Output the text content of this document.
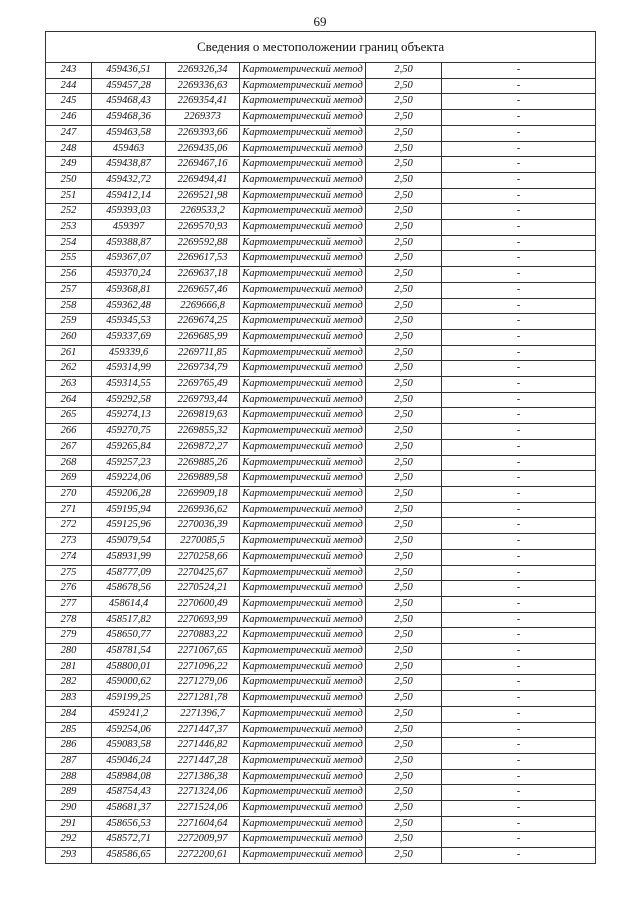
69
Сведения о местоположении границ объекта					
243	459436,51	2269326,34	Картометрический метод	2,50	-
244	459457,28	2269336,63	Картометрический метод	2,50	-
245	459468,43	2269354,41	Картометрический метод	2,50	-
246	459468,36	2269373	Картометрический метод	2,50	-
247	459463,58	2269393,66	Картометрический метод	2,50	-
248	459463	2269435,06	Картометрический метод	2,50	-
249	459438,87	2269467,16	Картометрический метод	2,50	-
250	459432,72	2269494,41	Картометрический метод	2,50	-
251	459412,14	2269521,98	Картометрический метод	2,50	-
252	459393,03	2269533,2	Картометрический метод	2,50	-
253	459397	2269570,93	Картометрический метод	2,50	-
254	459388,87	2269592,88	Картометрический метод	2,50	-
255	459367,07	2269617,53	Картометрический метод	2,50	-
256	459370,24	2269637,18	Картометрический метод	2,50	-
257	459368,81	2269657,46	Картометрический метод	2,50	-
258	459362,48	2269666,8	Картометрический метод	2,50	-
259	459345,53	2269674,25	Картометрический метод	2,50	-
260	459337,69	2269685,99	Картометрический метод	2,50	-
261	459339,6	2269711,85	Картометрический метод	2,50	-
262	459314,99	2269734,79	Картометрический метод	2,50	-
263	459314,55	2269765,49	Картометрический метод	2,50	-
264	459292,58	2269793,44	Картометрический метод	2,50	-
265	459274,13	2269819,63	Картометрический метод	2,50	-
266	459270,75	2269855,32	Картометрический метод	2,50	-
267	459265,84	2269872,27	Картометрический метод	2,50	-
268	459257,23	2269885,26	Картометрический метод	2,50	-
269	459224,06	2269889,58	Картометрический метод	2,50	-
270	459206,28	2269909,18	Картометрический метод	2,50	-
271	459195,94	2269936,62	Картометрический метод	2,50	-
272	459125,96	2270036,39	Картометрический метод	2,50	-
273	459079,54	2270085,5	Картометрический метод	2,50	-
274	458931,99	2270258,66	Картометрический метод	2,50	-
275	458777,09	2270425,67	Картометрический метод	2,50	-
276	458678,56	2270524,21	Картометрический метод	2,50	-
277	458614,4	2270600,49	Картометрический метод	2,50	-
278	458517,82	2270693,99	Картометрический метод	2,50	-
279	458650,77	2270883,22	Картометрический метод	2,50	-
280	458781,54	2271067,65	Картометрический метод	2,50	-
281	458800,01	2271096,22	Картометрический метод	2,50	-
282	459000,62	2271279,06	Картометрический метод	2,50	-
283	459199,25	2271281,78	Картометрический метод	2,50	-
284	459241,2	2271396,7	Картометрический метод	2,50	-
285	459254,06	2271447,37	Картометрический метод	2,50	-
286	459083,58	2271446,82	Картометрический метод	2,50	-
287	459046,24	2271447,28	Картометрический метод	2,50	-
288	458984,08	2271386,38	Картометрический метод	2,50	-
289	458754,43	2271324,06	Картометрический метод	2,50	-
290	458681,37	2271524,06	Картометрический метод	2,50	-
291	458656,53	2271604,64	Картометрический метод	2,50	-
292	458572,71	2272009,97	Картометрический метод	2,50	-
293	458586,65	2272200,61	Картометрический метод	2,50	-
